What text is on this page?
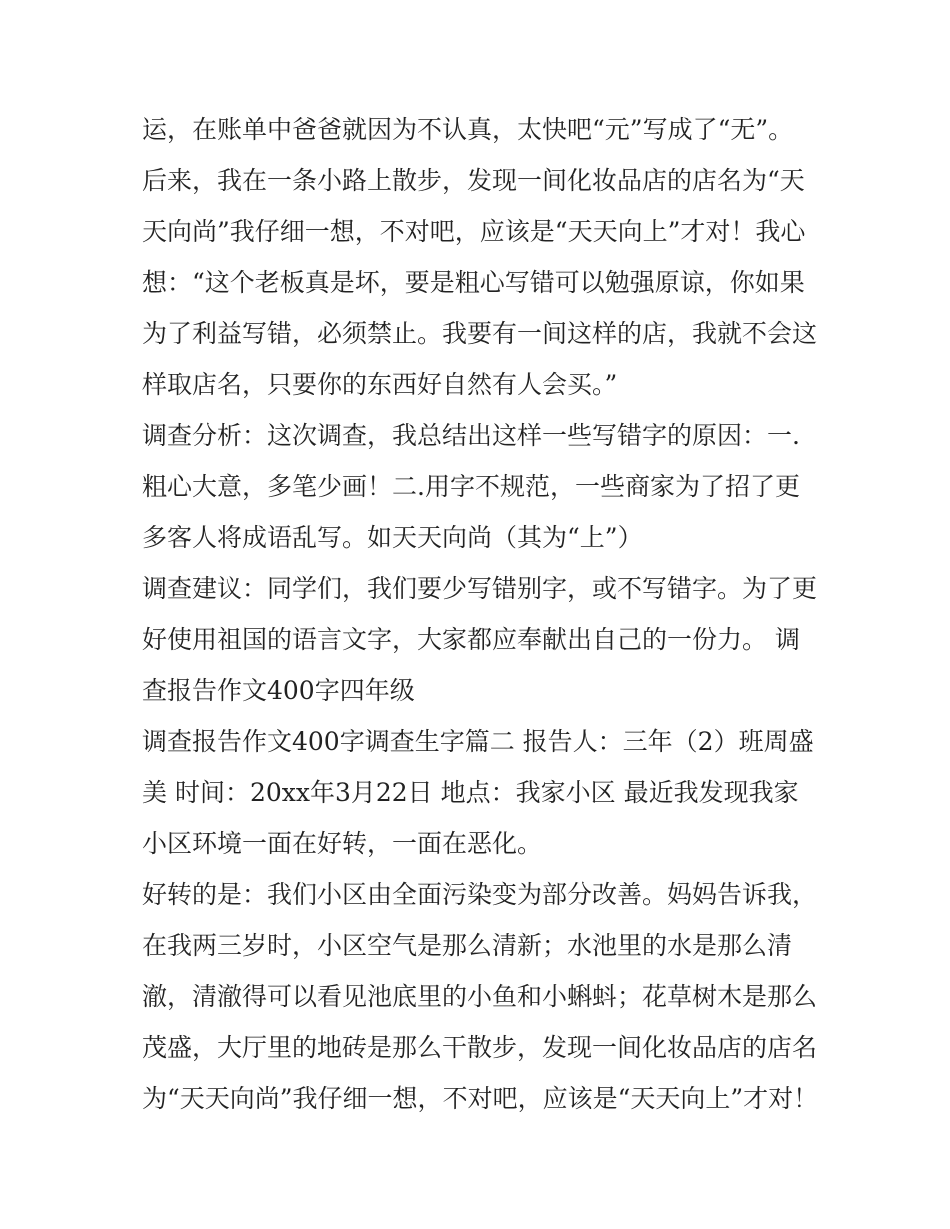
运，在账单中爸爸就因为不认真，太快吧“元”写成了“无”。
后来，我在一条小路上散步，发现一间化妆品店的店名为“天
天向尚”我仔细一想，不对吧，应该是“天天向上”才对！我心
想：“这个老板真是坏，要是粗心写错可以勉强原谅，你如果
为了利益写错，必须禁止。我要有一间这样的店，我就不会这
样取店名，只要你的东西好自然有人会买。”
调查分析：这次调查，我总结出这样一些写错字的原因：一.
粗心大意，多笔少画！二.用字不规范，一些商家为了招了更
多客人将成语乱写。如天天向尚（其为“上”）
调查建议：同学们，我们要少写错别字，或不写错字。为了更
好使用祖国的语言文字，大家都应奉献出自己的一份力。 调
查报告作文400字四年级
调查报告作文400字调查生字篇二 报告人：三年（2）班周盛
美 时间：20xx年3月22日 地点：我家小区 最近我发现我家
小区环境一面在好转，一面在恶化。
好转的是：我们小区由全面污染变为部分改善。妈妈告诉我，
在我两三岁时，小区空气是那么清新；水池里的水是那么清
澈，清澈得可以看见池底里的小鱼和小蝌蚪；花草树木是那么
茂盛，大厅里的地砖是那么干散步，发现一间化妆品店的店名
为“天天向尚”我仔细一想，不对吧，应该是“天天向上”才对！
